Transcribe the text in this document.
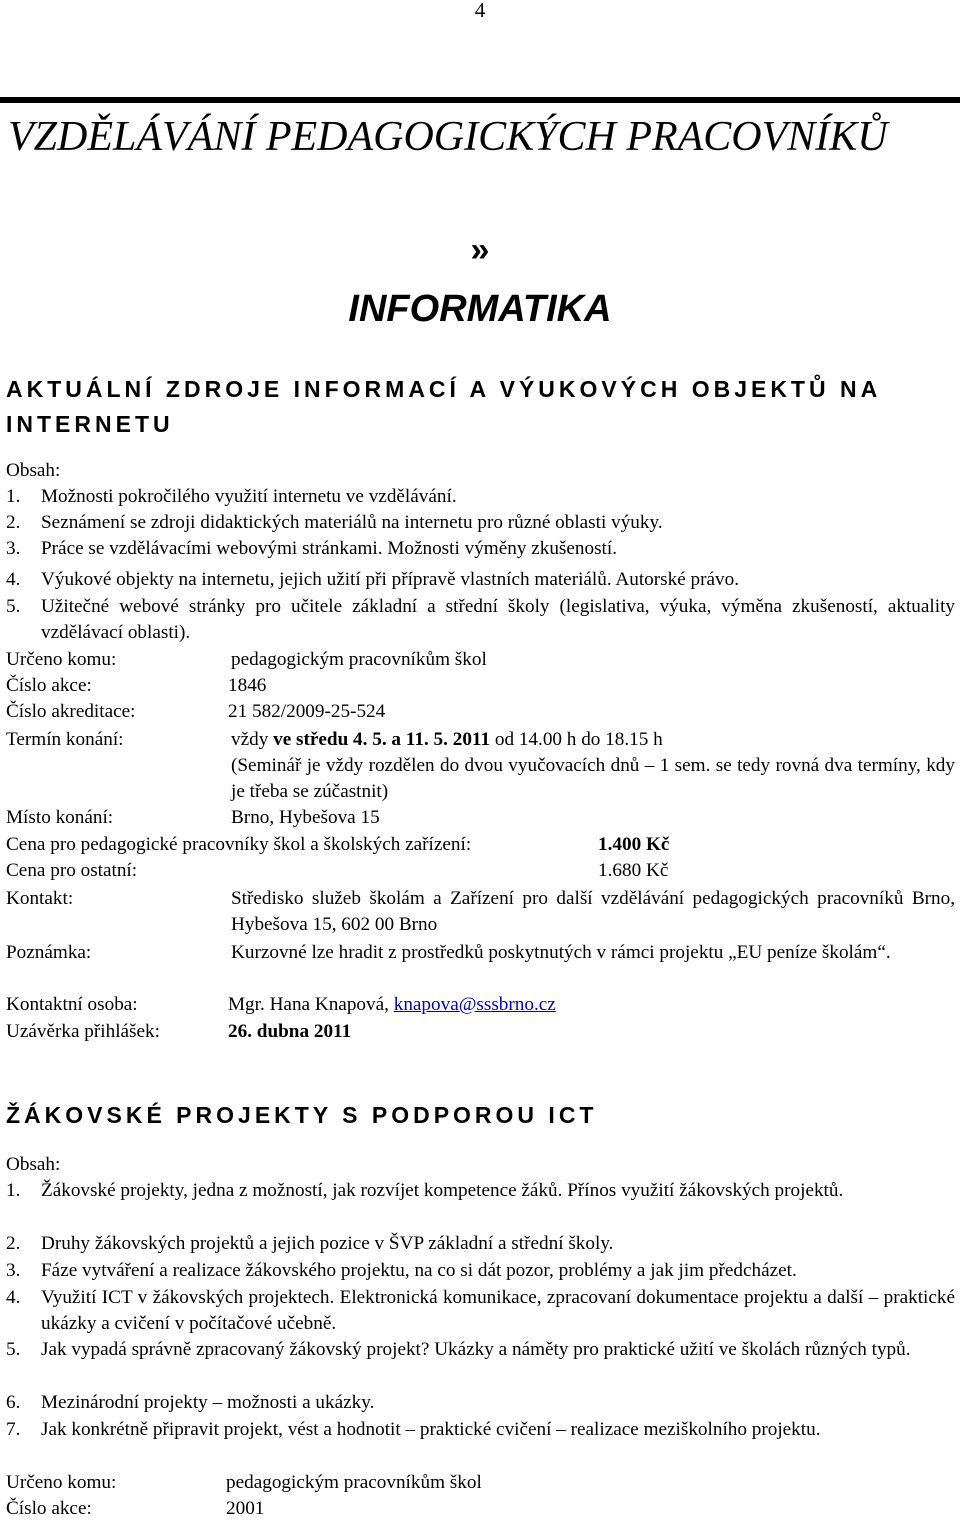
4
VZDĚLÁVÁNÍ PEDAGOGICKÝCH PRACOVNÍKŮ
»
INFORMATIKA
AKTUÁLNÍ ZDROJE INFORMACÍ A VÝUKOVÝCH OBJEKTŮ NA
INTERNETU
Obsah:
1. Možnosti pokročilého využití internetu ve vzdělávání.
2. Seznámení se zdroji didaktických materiálů na internetu pro různé oblasti výuky.
3. Práce se vzdělávacími webovými stránkami. Možnosti výměny zkušeností.
4. Výukové objekty na internetu, jejich užití při přípravě vlastních materiálů. Autorské právo.
5. Užitečné webové stránky pro učitele základní a střední školy (legislativa, výuka, výměna zkušeností, aktuality vzdělávací oblasti).
Určeno komu:	pedagogickým pracovníkům škol
Číslo akce:	1846
Číslo akreditace:	21 582/2009-25-524
Termín konání:	vždy ve středu 4. 5. a 11. 5. 2011 od 14.00 h do 18.15 h
(Seminář je vždy rozdělen do dvou vyučovacích dnů – 1 sem. se tedy rovná dva termíny, kdy je třeba se zúčastnit)
Místo konání:	Brno, Hybešova 15
Cena pro pedagogické pracovníky škol a školských zařízení:	1.400 Kč
Cena pro ostatní:	1.680 Kč
Kontakt:	Středisko služeb školám a Zařízení pro další vzdělávání pedagogických pracovníků Brno, Hybešova 15, 602 00 Brno
Poznámka:	Kurzovné lze hradit z prostředků poskytnutých v rámci projektu „EU peníze školám“.
Kontaktní osoba:	Mgr. Hana Knapová, knapova@sssbrno.cz
Uzávěrka přihlášek:	26. dubna 2011
ŽÁKOVSKÉ PROJEKTY S PODPOROU ICT
Obsah:
1. Žákovské projekty, jedna z možností, jak rozvíjet kompetence žáků. Přínos využití žákovských projektů.
2. Druhy žákovských projektů a jejich pozice v ŠVP základní a střední školy.
3. Fáze vytváření a realizace žákovského projektu, na co si dát pozor, problémy a jak jim předcházet.
4. Využití ICT v žákovských projektech. Elektronická komunikace, zpracovaní dokumentace projektu a další – praktické ukázky a cvičení v počítačové učebně.
5. Jak vypadá správně zpracovaný žákovský projekt? Ukázky a náměty pro praktické užití ve školách různých typů.
6. Mezinárodní projekty – možnosti a ukázky.
7. Jak konkrétně připravit projekt, vést a hodnotit – praktické cvičení – realizace meziškolního projektu.
Určeno komu:	pedagogickým pracovníkům škol
Číslo akce:	2001
